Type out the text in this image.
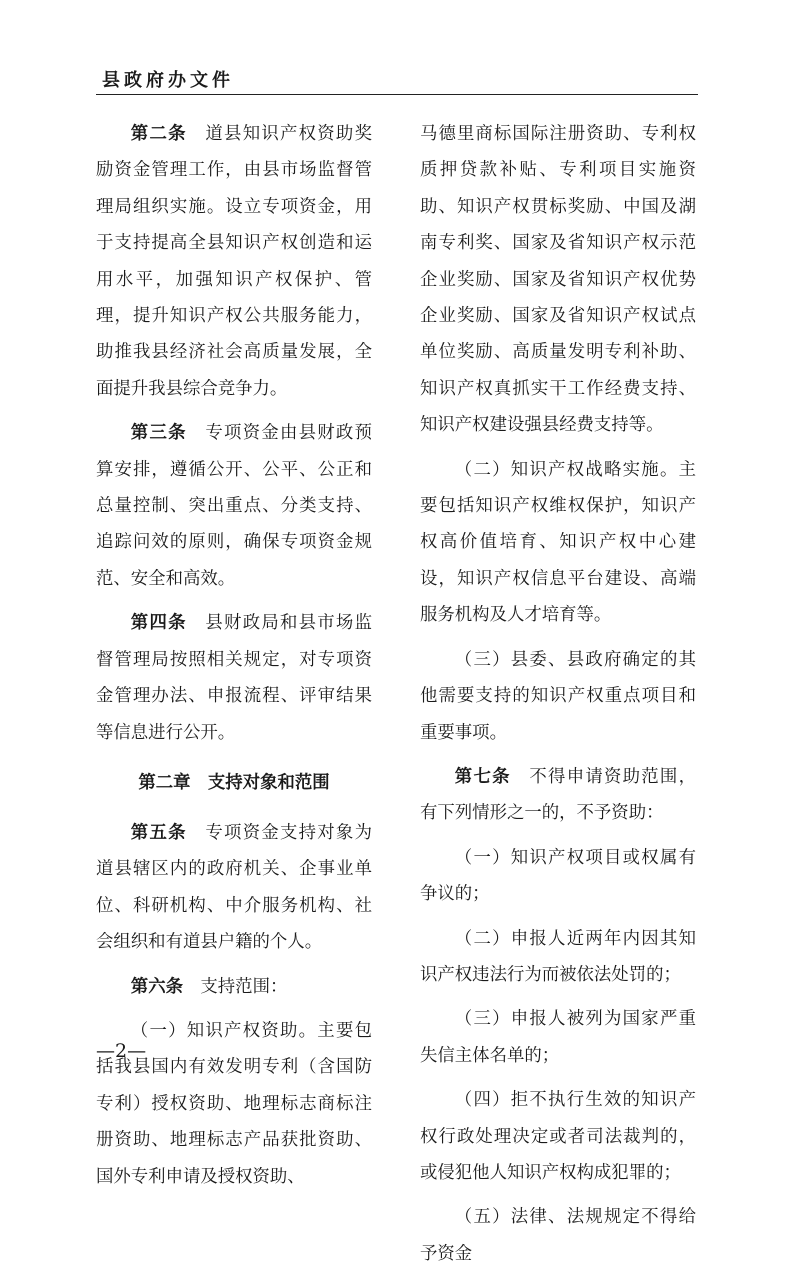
县政府办文件

第二条　 道县知识产权资助奖励资金管理工作，由县市场监督管理局组织实施。设立专项资金，用于支持提高全县知识产权创造和运用水平，加强知识产权保护、管理，提升知识产权公共服务能力，助推我县经济社会高质量发展，全面提升我县综合竞争力。

第三条　 专项资金由县财政预算安排，遵循公开、公平、公正和总量控制、突出重点、分类支持、追踪问效的原则，确保专项资金规范、安全和高效。

第四条　 县财政局和县市场监督管理局按照相关规定，对专项资金管理办法、申报流程、评审结果等信息进行公开。

第二章　支持对象和范围

第五条　 专项资金支持对象为道县辖区内的政府机关、企事业单位、科研机构、中介服务机构、社会组织和有道县户籍的个人。

第六条　 支持范围：

（一）知识产权资助。主要包括我县国内有效发明专利（含国防专利）授权资助、地理标志商标注册资助、地理标志产品获批资助、国外专利申请及授权资助、

马德里商标国际注册资助、专利权质押贷款补贴、专利项目实施资助、知识产权贯标奖励、中国及湖南专利奖、国家及省知识产权示范企业奖励、国家及省知识产权优势企业奖励、国家及省知识产权试点单位奖励、高质量发明专利补助、知识产权真抓实干工作经费支持、知识产权建设强县经费支持等。

（二）知识产权战略实施。主要包括知识产权维权保护，知识产权高价值培育、知识产权中心建设，知识产权信息平台建设、高端服务机构及人才培育等。

（三）县委、县政府确定的其他需要支持的知识产权重点项目和重要事项。

第七条　 不得申请资助范围，有下列情形之一的，不予资助：

（一）知识产权项目或权属有争议的；

（二）申报人近两年内因其知识产权违法行为而被依法处罚的；

（三）申报人被列为国家严重失信主体名单的；

（四）拒不执行生效的知识产权行政处理决定或者司法裁判的，或侵犯他人知识产权构成犯罪的；

（五）法律、法规规定不得给予资金

—2—
